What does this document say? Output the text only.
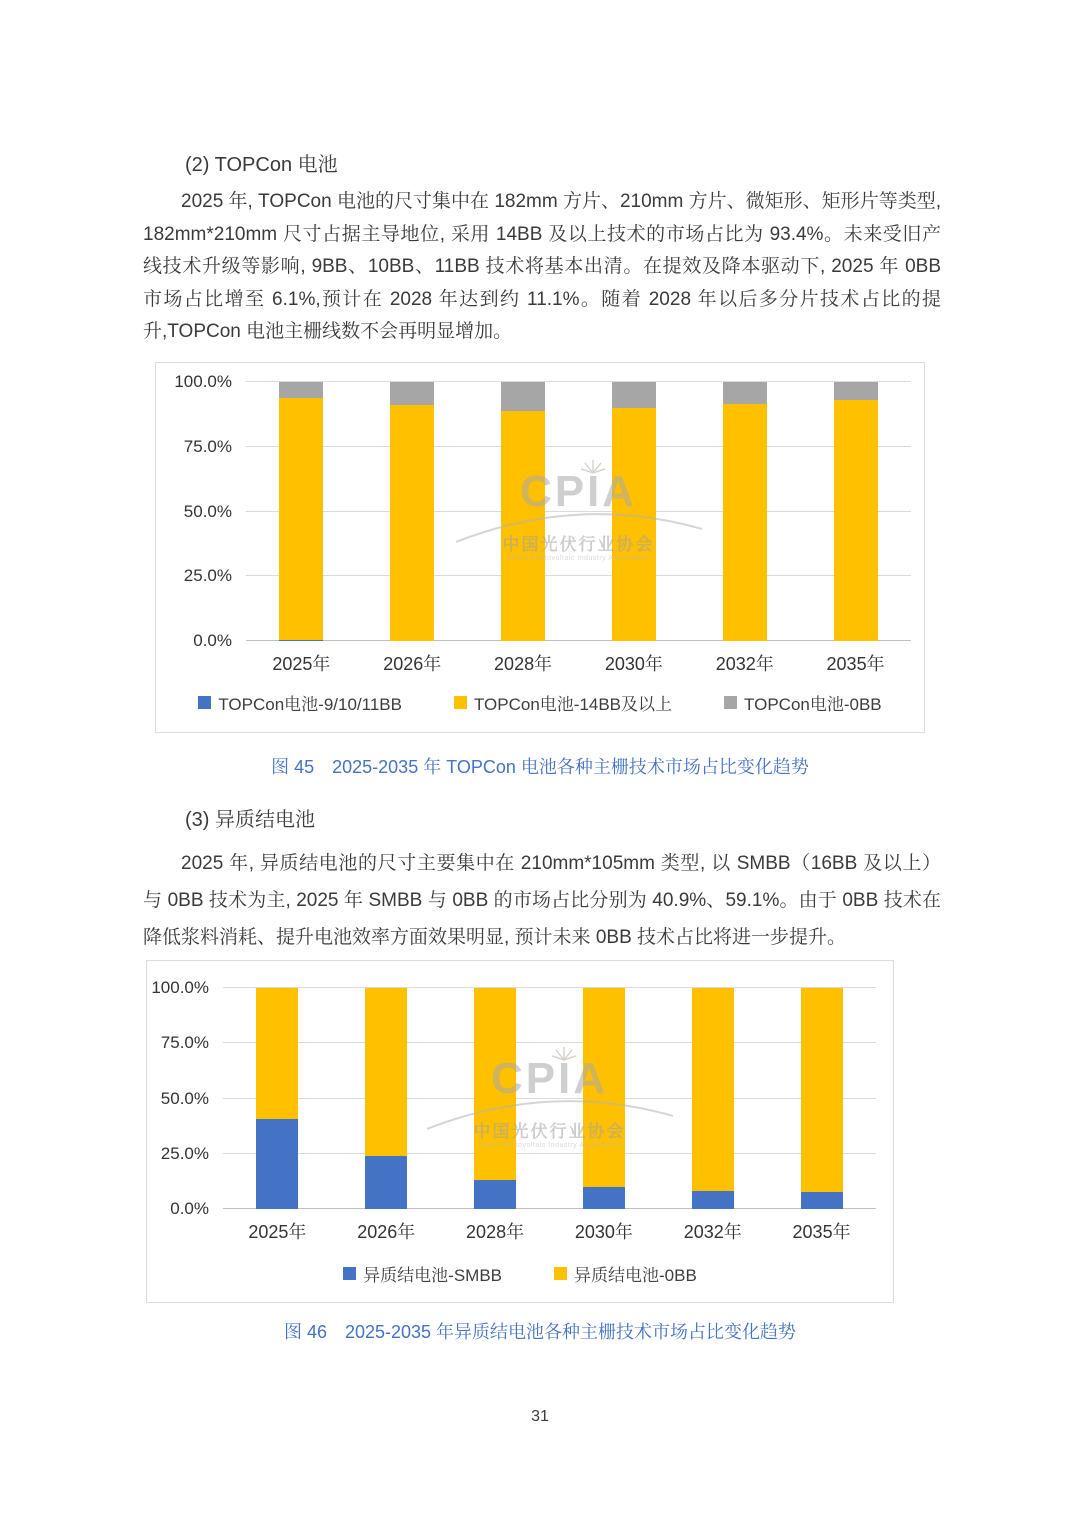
(2) TOPCon 电池
2025 年, TOPCon 电池的尺寸集中在 182mm 方片、210mm 方片、微矩形、矩形片等类型, 182mm*210mm 尺寸占据主导地位, 采用 14BB 及以上技术的市场占比为 93.4%。未来受旧产线技术升级等影响, 9BB、10BB、11BB 技术将基本出清。在提效及降本驱动下, 2025 年 0BB 市场占比增至 6.1%,预计在 2028 年达到约 11.1%。随着 2028 年以后多分片技术占比的提升,TOPCon 电池主栅线数不会再明显增加。
0.0%
25.0%
50.0%
75.0%
100.0%
CPIA
中国光伏行业协会
China Photovoltaic Industry Association
2025年	2026年	2028年	2030年	2032年	2035年
TOPCon电池-9/10/11BB	TOPCon电池-14BB及以上	TOPCon电池-0BB
图 45 2025-2035 年 TOPCon 电池各种主栅技术市场占比变化趋势
(3) 异质结电池
2025 年, 异质结电池的尺寸主要集中在 210mm*105mm 类型, 以 SMBB（16BB 及以上）与 0BB 技术为主, 2025 年 SMBB 与 0BB 的市场占比分别为 40.9%、59.1%。由于 0BB 技术在降低浆料消耗、提升电池效率方面效果明显, 预计未来 0BB 技术占比将进一步提升。
0.0%
25.0%
50.0%
75.0%
100.0%
CPIA
中国光伏行业协会
China Photovoltaic Industry Association
2025年	2026年	2028年	2030年	2032年	2035年
异质结电池-SMBB	异质结电池-0BB
图 46 2025-2035 年异质结电池各种主栅技术市场占比变化趋势
31
